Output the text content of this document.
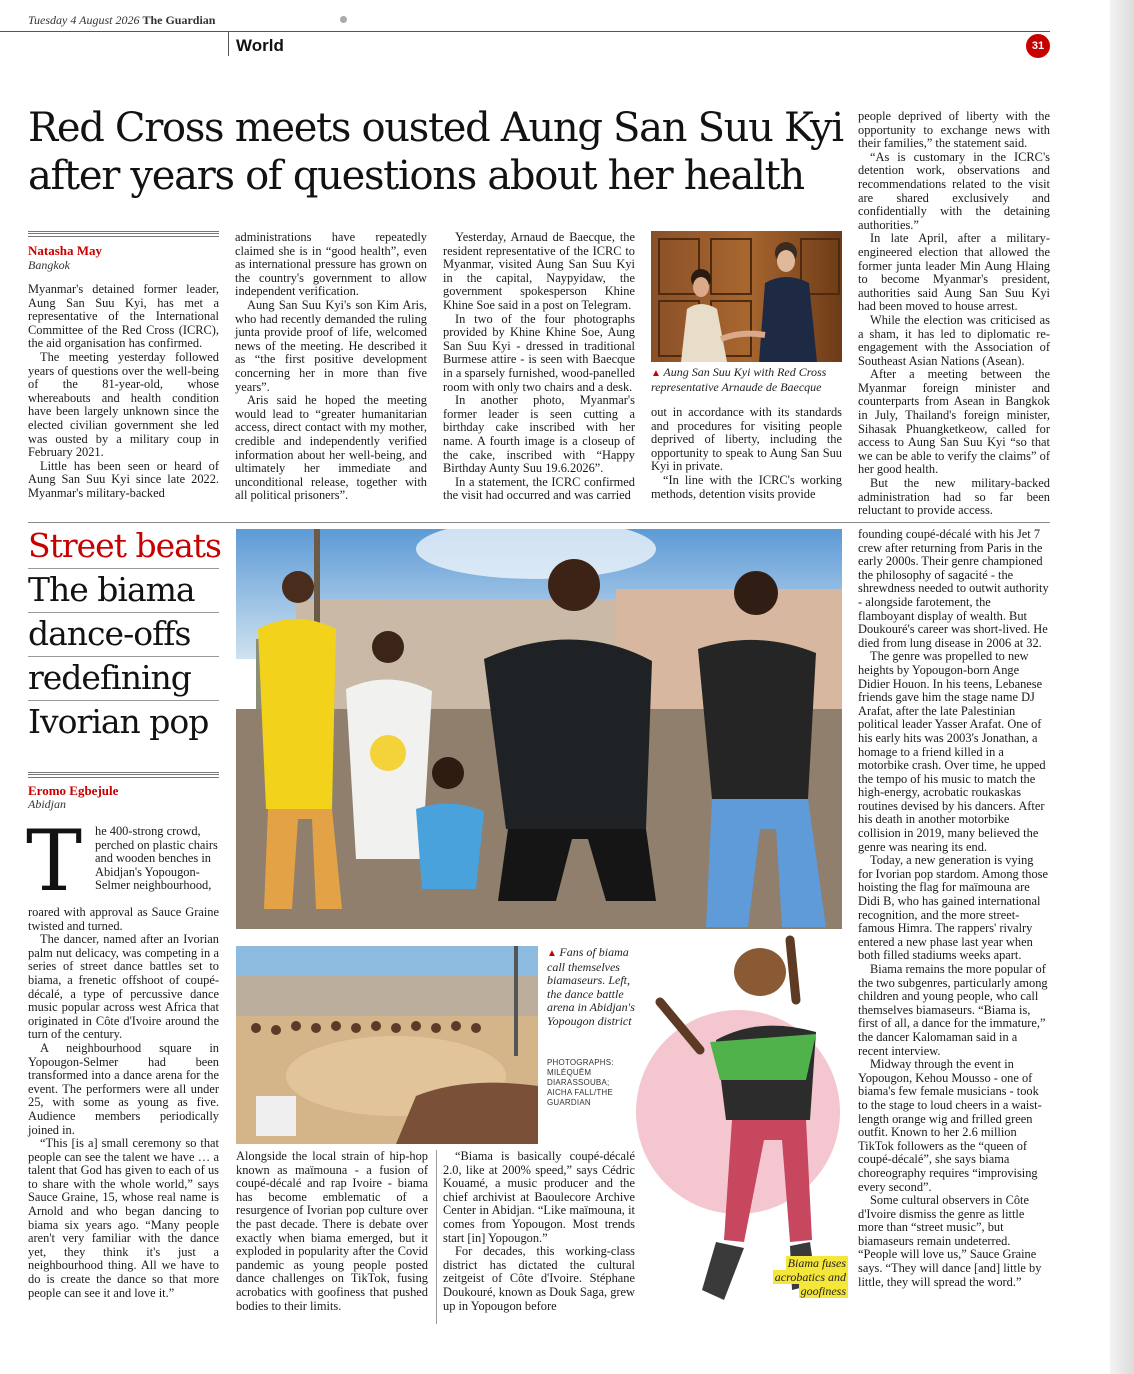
Tuesday 4 August 2026 The Guardian
World	31
Red Cross meets ousted Aung San Suu Kyi
after years of questions about her health
Natasha May
Bangkok

Myanmar's detained former leader, Aung San Suu Kyi, has met a representative of the International Committee of the Red Cross (ICRC), the aid organisation has confirmed.

The meeting yesterday followed years of questions over the well-being of the 81-year-old, whose whereabouts and health condition have been largely unknown since the elected civilian government she led was ousted by a military coup in February 2021.

Little has been seen or heard of Aung San Suu Kyi since late 2022. Myanmar's military-backed

administrations have repeatedly claimed she is in “good health”, even as international pressure has grown on the country's government to allow independent verification.

Aung San Suu Kyi's son Kim Aris, who had recently demanded the ruling junta provide proof of life, welcomed news of the meeting. He described it as “the first positive development concerning her in more than five years”.

Aris said he hoped the meeting would lead to “greater humanitarian access, direct contact with my mother, credible and independently verified information about her well-being, and ultimately her immediate and unconditional release, together with all political prisoners”.

Yesterday, Arnaud de Baecque, the resident representative of the ICRC to Myanmar, visited Aung San Suu Kyi in the capital, Naypyidaw, the government spokesperson Khine Khine Soe said in a post on Telegram.

In two of the four photographs provided by Khine Khine Soe, Aung San Suu Kyi - dressed in traditional Burmese attire - is seen with Baecque in a sparsely furnished, wood-panelled room with only two chairs and a desk.

In another photo, Myanmar's former leader is seen cutting a birthday cake inscribed with her name. A fourth image is a closeup of the cake, inscribed with “Happy Birthday Aunty Suu 19.6.2026”.

In a statement, the ICRC confirmed the visit had occurred and was carried

▲ Aung San Suu Kyi with Red Cross representative Arnaude de Baecque

out in accordance with its standards and procedures for visiting people deprived of liberty, including the opportunity to speak to Aung San Suu Kyi in private.

“In line with the ICRC's working methods, detention visits provide

people deprived of liberty with the opportunity to exchange news with their families,” the statement said.

“As is customary in the ICRC's detention work, observations and recommendations related to the visit are shared exclusively and confidentially with the detaining authorities.”

In late April, after a military-engineered election that allowed the former junta leader Min Aung Hlaing to become Myanmar's president, authorities said Aung San Suu Kyi had been moved to house arrest.

While the election was criticised as a sham, it has led to diplomatic re-engagement with the Association of Southeast Asian Nations (Asean).

After a meeting between the Myanmar foreign minister and counterparts from Asean in Bangkok in July, Thailand's foreign minister, Sihasak Phuangketkeow, called for access to Aung San Suu Kyi “so that we can be able to verify the claims” of her good health.

But the new military-backed administration had so far been reluctant to provide access.

Street beats
The biama
dance-offs
redefining
Ivorian pop
Eromo Egbejule
Abidjan
T he 400-strong crowd, perched on plastic chairs and wooden benches in Abidjan's Yopougon-Selmer neighbourhood,

roared with approval as Sauce Graine twisted and turned.

The dancer, named after an Ivorian palm nut delicacy, was competing in a series of street dance battles set to biama, a frenetic offshoot of coupé-décalé, a type of percussive dance music popular across west Africa that originated in Côte d'Ivoire around the turn of the century.

A neighbourhood square in Yopougon-Selmer had been transformed into a dance arena for the event. The performers were all under 25, with some as young as five. Audience members periodically joined in.

“This [is a] small ceremony so that people can see the talent we have … a talent that God has given to each of us to share with the whole world,” says Sauce Graine, 15, whose real name is Arnold and who began dancing to biama six years ago. “Many people aren't very familiar with the dance yet, they think it's just a neighbourhood thing. All we have to do is create the dance so that more people can see it and love it.”

▲ Fans of biama call themselves biamaseurs. Left, the dance battle arena in Abidjan's Yopougon district
PHOTOGRAPHS: MILÉQUÊM DIARASSOUBA; AICHA FALL/THE GUARDIAN
Biama fuses acrobatics and goofiness

Alongside the local strain of hip-hop known as maïmouna - a fusion of coupé-décalé and rap Ivoire - biama has become emblematic of a resurgence of Ivorian pop culture over the past decade. There is debate over exactly when biama emerged, but it exploded in popularity after the Covid pandemic as young people posted dance challenges on TikTok, fusing acrobatics with goofiness that pushed bodies to their limits.

“Biama is basically coupé-décalé 2.0, like at 200% speed,” says Cédric Kouamé, a music producer and the chief archivist at Baoulecore Archive Center in Abidjan. “Like maïmouna, it comes from Yopougon. Most trends start [in] Yopougon.”

For decades, this working-class district has dictated the cultural zeitgeist of Côte d'Ivoire. Stéphane Doukouré, known as Douk Saga, grew up in Yopougon before

founding coupé-décalé with his Jet 7 crew after returning from Paris in the early 2000s. Their genre championed the philosophy of sagacité - the shrewdness needed to outwit authority - alongside farotement, the flamboyant display of wealth. But Doukouré's career was short-lived. He died from lung disease in 2006 at 32.

The genre was propelled to new heights by Yopougon-born Ange Didier Houon. In his teens, Lebanese friends gave him the stage name DJ Arafat, after the late Palestinian political leader Yasser Arafat. One of his early hits was 2003's Jonathan, a homage to a friend killed in a motorbike crash. Over time, he upped the tempo of his music to match the high-energy, acrobatic roukaskas routines devised by his dancers. After his death in another motorbike collision in 2019, many believed the genre was nearing its end.

Today, a new generation is vying for Ivorian pop stardom. Among those hoisting the flag for maïmouna are Didi B, who has gained international recognition, and the more street-famous Himra. The rappers' rivalry entered a new phase last year when both filled stadiums weeks apart.

Biama remains the more popular of the two subgenres, particularly among children and young people, who call themselves biamaseurs. “Biama is, first of all, a dance for the immature,” the dancer Kalomaman said in a recent interview.

Midway through the event in Yopougon, Kehou Mousso - one of biama's few female musicians - took to the stage to loud cheers in a waist-length orange wig and frilled green outfit. Known to her 2.6 million TikTok followers as the “queen of coupé-décalé”, she says biama choreography requires “improvising every second”.

Some cultural observers in Côte d'Ivoire dismiss the genre as little more than “street music”, but biamaseurs remain undeterred. “People will love us,” Sauce Graine says. “They will dance [and] little by little, they will spread the word.”
